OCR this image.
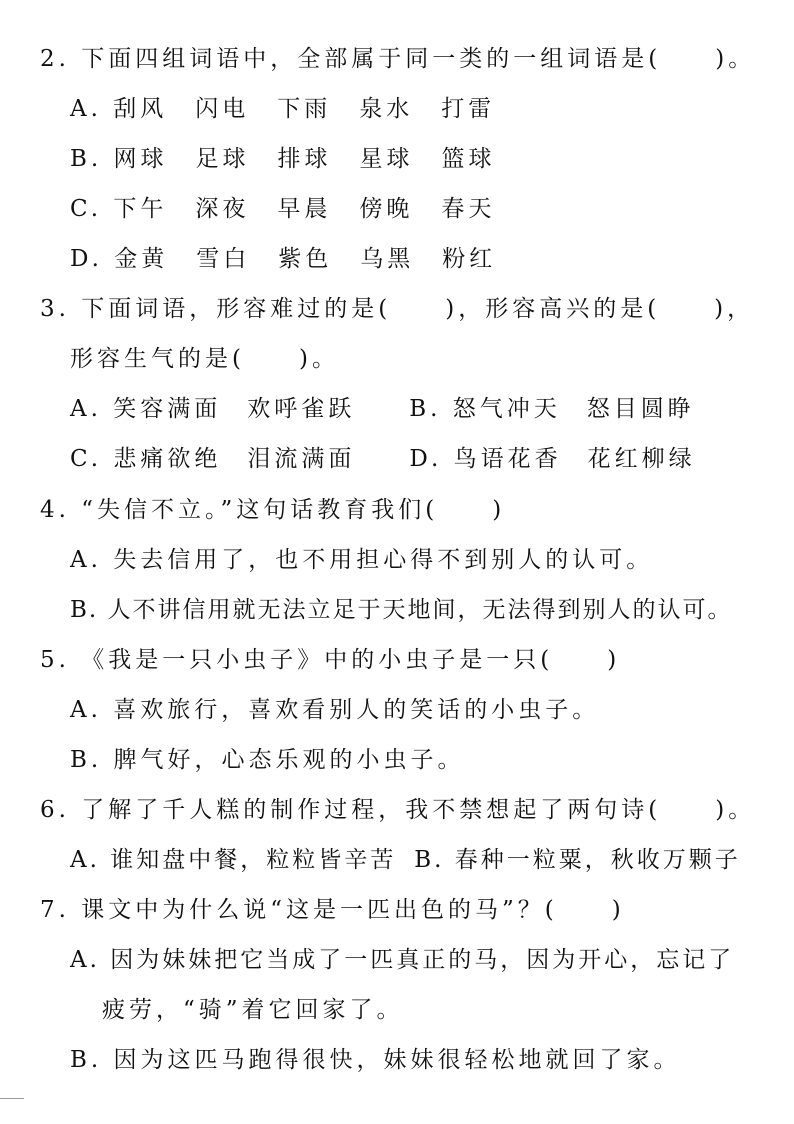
2. 下面四组词语中，全部属于同一类的一组词语是(　　)。

A. 刮风 闪电 下雨 泉水 打雷

B. 网球 足球 排球 星球 篮球

C. 下午 深夜 早晨 傍晚 春天

D. 金黄 雪白 紫色 乌黑 粉红

3. 下面词语，形容难过的是(　　)，形容高兴的是(　　)，

形容生气的是(　　)。

A. 笑容满面 欢呼雀跃 B. 怒气冲天 怒目圆睁

C. 悲痛欲绝 泪流满面 D. 鸟语花香 花红柳绿

4. “失信不立。”这句话教育我们(　　)

A. 失去信用了，也不用担心得不到别人的认可。

B. 人不讲信用就无法立足于天地间，无法得到别人的认可。

5. 《我是一只小虫子》中的小虫子是一只(　　)

A. 喜欢旅行，喜欢看别人的笑话的小虫子。

B. 脾气好，心态乐观的小虫子。

6. 了解了千人糕的制作过程，我不禁想起了两句诗(　　)。

A. 谁知盘中餐，粒粒皆辛苦 B. 春种一粒粟，秋收万颗子

7. 课文中为什么说“这是一匹出色的马”？(　　)

A. 因为妹妹把它当成了一匹真正的马，因为开心，忘记了

疲劳，“骑”着它回家了。

B. 因为这匹马跑得很快，妹妹很轻松地就回了家。
